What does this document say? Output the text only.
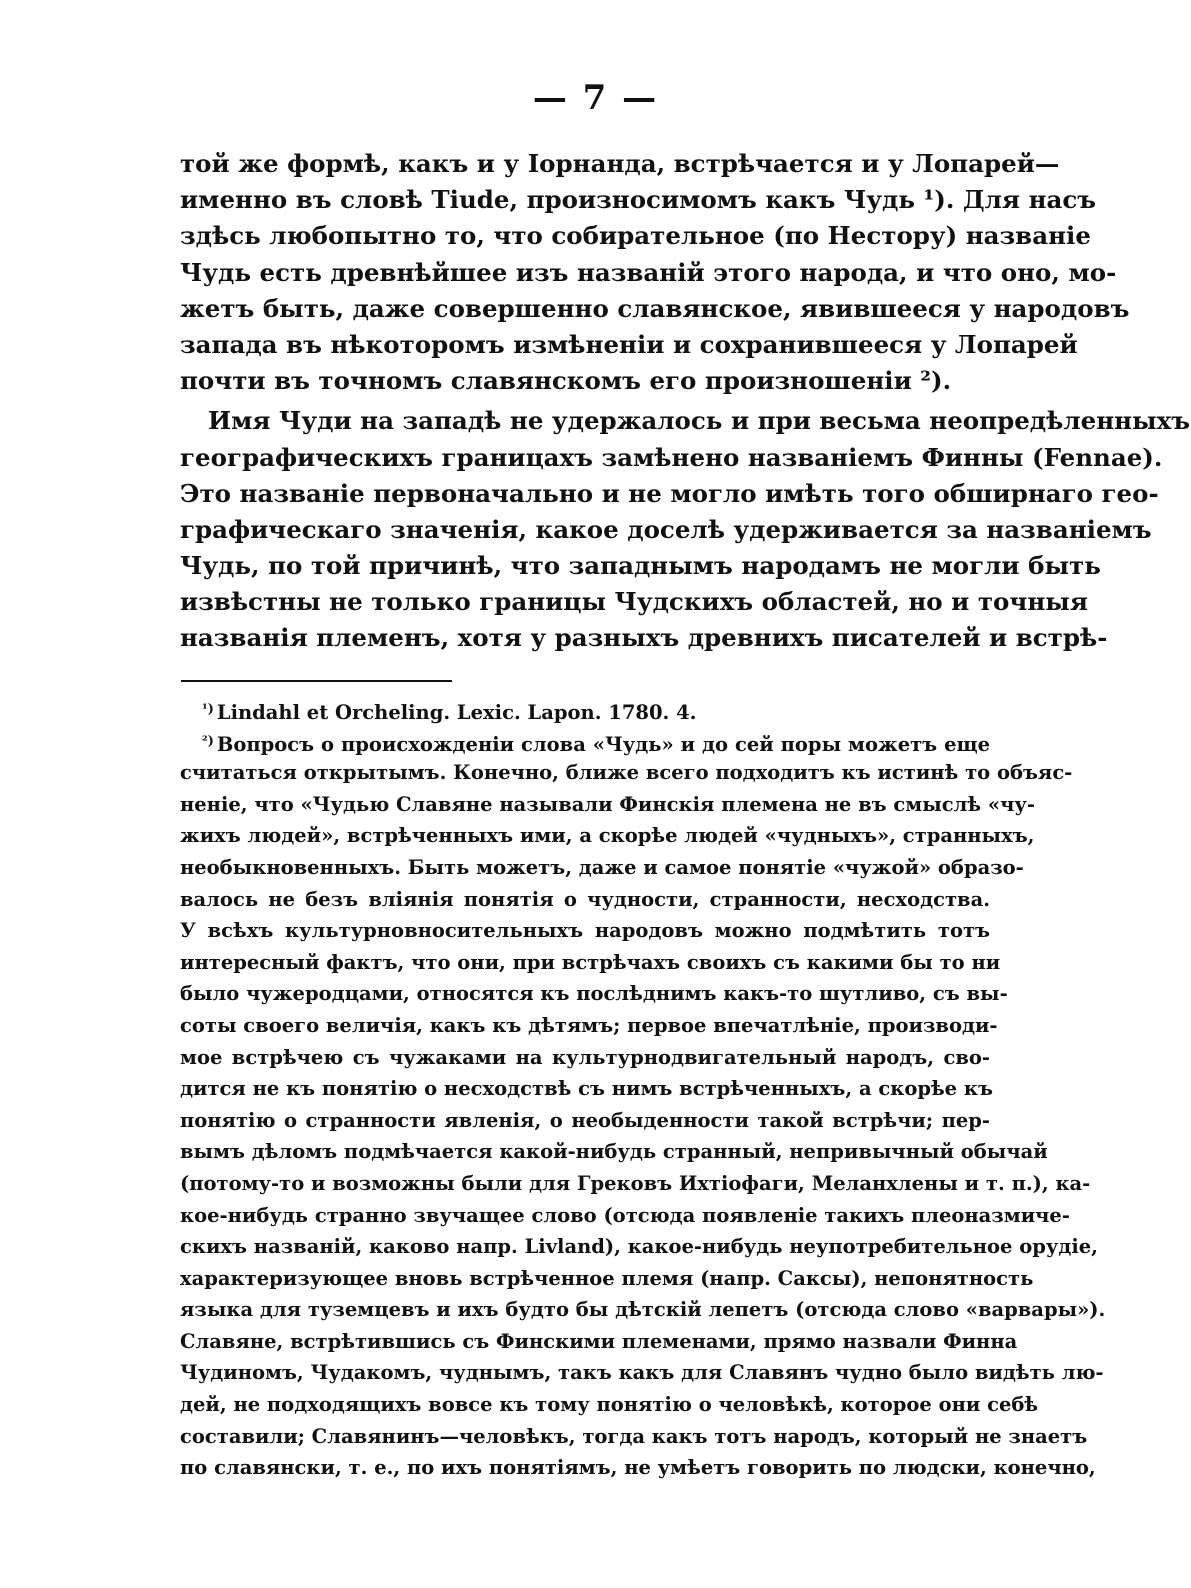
— 7 —
той же формѣ, какъ и у Іорнанда, встрѣчается и у Лопарей—
именно въ словѣ Tiude, произносимомъ какъ Чудь ¹). Для насъ
здѣсь любопытно то, что собирательное (по Нестору) названіе
Чудь есть древнѣйшее изъ названій этого народа, и что оно, мо-
жетъ быть, даже совершенно славянское, явившееся у народовъ
запада въ нѣкоторомъ измѣненіи и сохранившееся у Лопарей
почти въ точномъ славянскомъ его произношеніи ²).
Имя Чуди на западѣ не удержалось и при весьма неопредѣленныхъ
географическихъ границахъ замѣнено названіемъ Финны (Fennae).
Это названіе первоначально и не могло имѣть того обширнаго гео-
графическаго значенія, какое доселѣ удерживается за названіемъ
Чудь, по той причинѣ, что западнымъ народамъ не могли быть
извѣстны не только границы Чудскихъ областей, но и точныя
названія племенъ, хотя у разныхъ древнихъ писателей и встрѣ-
$^{^1)}$ Lindahl et Orcheling. Lexic. Lapon. 1780. 4.
$^{^2)}$ Вопросъ о происхожденіи слова «Чудь» и до сей поры можетъ еще
считаться открытымъ. Конечно, ближе всего подходитъ къ истинѣ то объяс-
неніе, что «Чудью Славяне называли Финскія племена не въ смыслѣ «чу-
жихъ людей», встрѣченныхъ ими, а скорѣе людей «чудныхъ», странныхъ,
необыкновенныхъ. Быть можетъ, даже и самое понятіе «чужой» образо-
валось не безъ вліянія понятія о чудности, странности, несходства.
У всѣхъ культурновносительныхъ народовъ можно подмѣтить тотъ
интересный фактъ, что они, при встрѣчахъ своихъ съ какими бы то ни
было чужеродцами, относятся къ послѣднимъ какъ-то шутливо, съ вы-
соты своего величія, какъ къ дѣтямъ; первое впечатлѣніе, производи-
мое встрѣчею съ чужаками на культурнодвигательный народъ, сво-
дится не къ понятію о несходствѣ съ нимъ встрѣченныхъ, а скорѣе къ
понятію о странности явленія, о необыденности такой встрѣчи; пер-
вымъ дѣломъ подмѣчается какой-нибудь странный, непривычный обычай
(потому-то и возможны были для Грековъ Ихтіофаги, Меланхлены и т. п.), ка-
кое-нибудь странно звучащее слово (отсюда появленіе такихъ плеоназмиче-
скихъ названій, каково напр. Livland), какое-нибудь неупотребительное орудіе,
характеризующее вновь встрѣченное племя (напр. Саксы), непонятность
языка для туземцевъ и ихъ будто бы дѣтскій лепетъ (отсюда слово «варвары»).
Славяне, встрѣтившись съ Финскими племенами, прямо назвали Финна
Чудиномъ, Чудакомъ, чуднымъ, такъ какъ для Славянъ чудно было видѣть лю-
дей, не подходящихъ вовсе къ тому понятію о человѣкѣ, которое они себѣ
составили; Славянинъ—человѣкъ, тогда какъ тотъ народъ, который не знаетъ
по славянски, т. е., по ихъ понятіямъ, не умѣетъ говорить по людски, конечно,
